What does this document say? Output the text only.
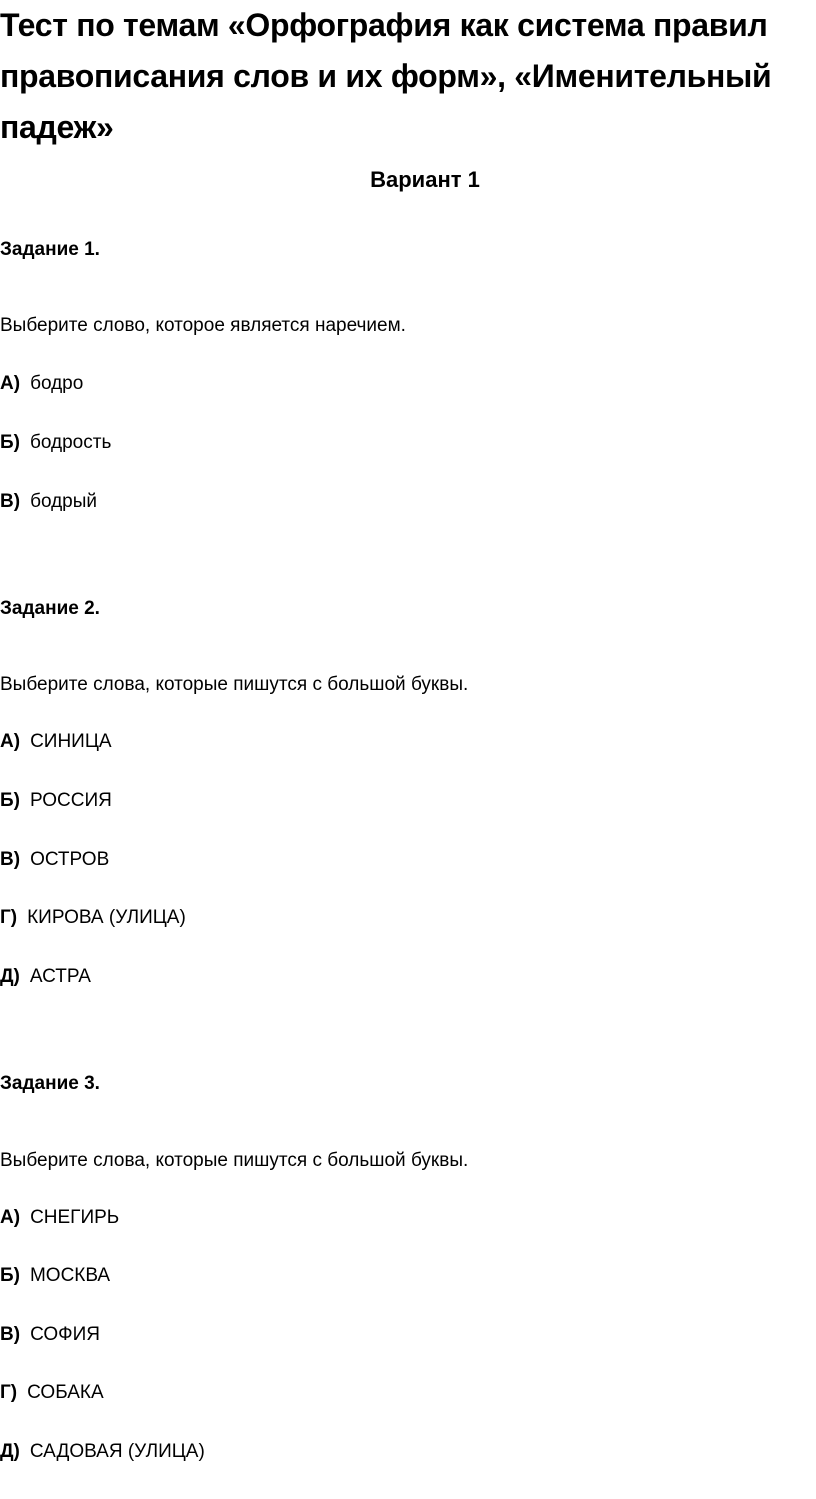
Тест по темам «Орфография как система правил правописания слов и их форм», «Именительный падеж»
Вариант 1

Задание 1.

Выберите слово, которое является наречием.

А) бодро

Б) бодрость

В) бодрый

Задание 2.

Выберите слова, которые пишутся с большой буквы.

А) СИНИЦА

Б) РОССИЯ

В) ОСТРОВ

Г) КИРОВА (УЛИЦА)

Д) АСТРА

Задание 3.

Выберите слова, которые пишутся с большой буквы.

А) СНЕГИРЬ

Б) МОСКВА

В) СОФИЯ

Г) СОБАКА

Д) САДОВАЯ (УЛИЦА)
